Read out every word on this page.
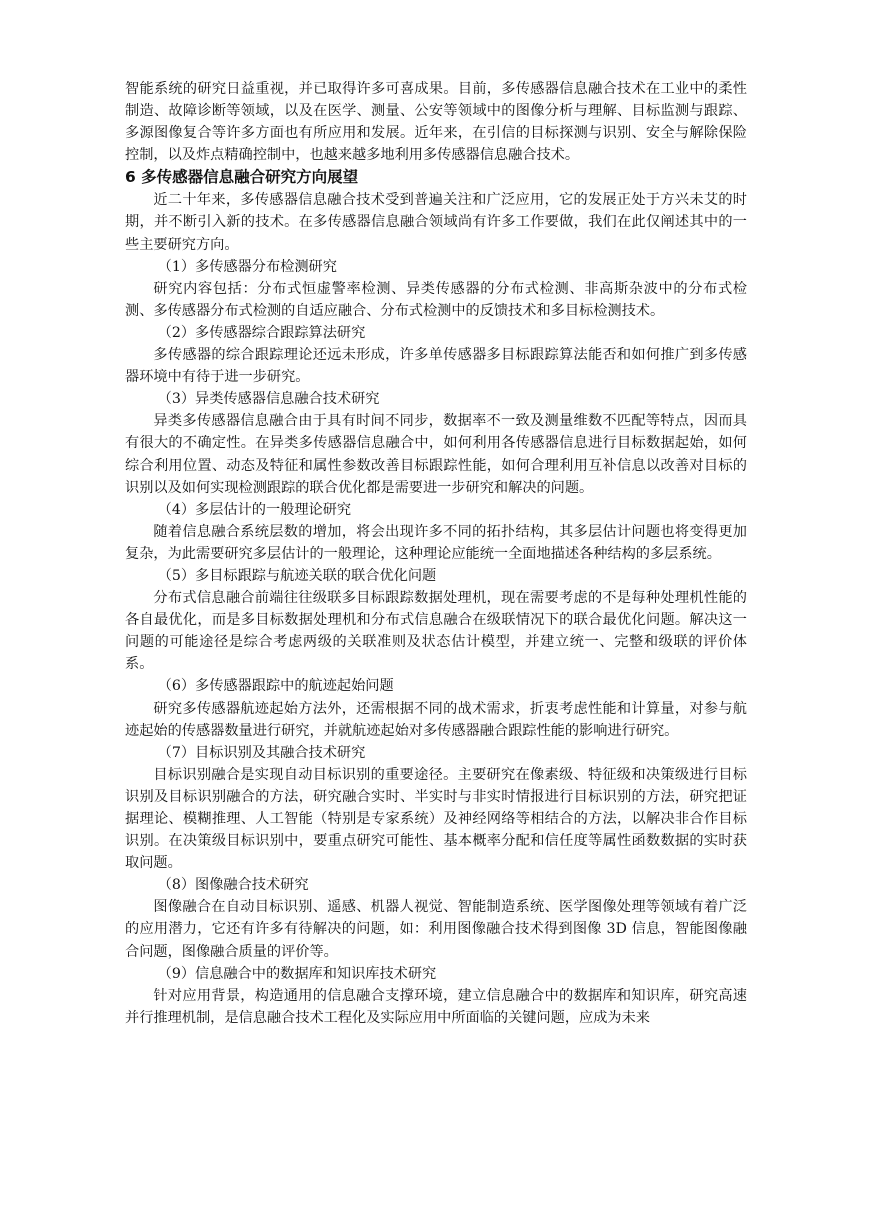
智能系统的研究日益重视，并已取得许多可喜成果。目前，多传感器信息融合技术在工业中的柔性制造、故障诊断等领域，以及在医学、测量、公安等领域中的图像分析与理解、目标监测与跟踪、多源图像复合等许多方面也有所应用和发展。近年来，在引信的目标探测与识别、安全与解除保险控制，以及炸点精确控制中，也越来越多地利用多传感器信息融合技术。

6 多传感器信息融合研究方向展望

近二十年来，多传感器信息融合技术受到普遍关注和广泛应用，它的发展正处于方兴未艾的时期，并不断引入新的技术。在多传感器信息融合领域尚有许多工作要做，我们在此仅阐述其中的一些主要研究方向。

（1）多传感器分布检测研究

研究内容包括：分布式恒虚警率检测、异类传感器的分布式检测、非高斯杂波中的分布式检测、多传感器分布式检测的自适应融合、分布式检测中的反馈技术和多目标检测技术。

（2）多传感器综合跟踪算法研究

多传感器的综合跟踪理论还远未形成，许多单传感器多目标跟踪算法能否和如何推广到多传感器环境中有待于进一步研究。

（3）异类传感器信息融合技术研究

异类多传感器信息融合由于具有时间不同步，数据率不一致及测量维数不匹配等特点，因而具有很大的不确定性。在异类多传感器信息融合中，如何利用各传感器信息进行目标数据起始，如何综合利用位置、动态及特征和属性参数改善目标跟踪性能，如何合理利用互补信息以改善对目标的识别以及如何实现检测跟踪的联合优化都是需要进一步研究和解决的问题。

（4）多层估计的一般理论研究

随着信息融合系统层数的增加，将会出现许多不同的拓扑结构，其多层估计问题也将变得更加复杂，为此需要研究多层估计的一般理论，这种理论应能统一全面地描述各种结构的多层系统。

（5）多目标跟踪与航迹关联的联合优化问题

分布式信息融合前端往往级联多目标跟踪数据处理机，现在需要考虑的不是每种处理机性能的各自最优化，而是多目标数据处理机和分布式信息融合在级联情况下的联合最优化问题。解决这一问题的可能途径是综合考虑两级的关联准则及状态估计模型，并建立统一、完整和级联的评价体系。

（6）多传感器跟踪中的航迹起始问题

研究多传感器航迹起始方法外，还需根据不同的战术需求，折衷考虑性能和计算量，对参与航迹起始的传感器数量进行研究，并就航迹起始对多传感器融合跟踪性能的影响进行研究。

（7）目标识别及其融合技术研究

目标识别融合是实现自动目标识别的重要途径。主要研究在像素级、特征级和决策级进行目标识别及目标识别融合的方法，研究融合实时、半实时与非实时情报进行目标识别的方法，研究把证据理论、模糊推理、人工智能（特别是专家系统）及神经网络等相结合的方法，以解决非合作目标识别。在决策级目标识别中，要重点研究可能性、基本概率分配和信任度等属性函数数据的实时获取问题。

（8）图像融合技术研究

图像融合在自动目标识别、遥感、机器人视觉、智能制造系统、医学图像处理等领域有着广泛的应用潜力，它还有许多有待解决的问题，如：利用图像融合技术得到图像 3D 信息，智能图像融合问题，图像融合质量的评价等。

（9）信息融合中的数据库和知识库技术研究

针对应用背景，构造通用的信息融合支撑环境，建立信息融合中的数据库和知识库，研究高速并行推理机制，是信息融合技术工程化及实际应用中所面临的关键问题，应成为未来
